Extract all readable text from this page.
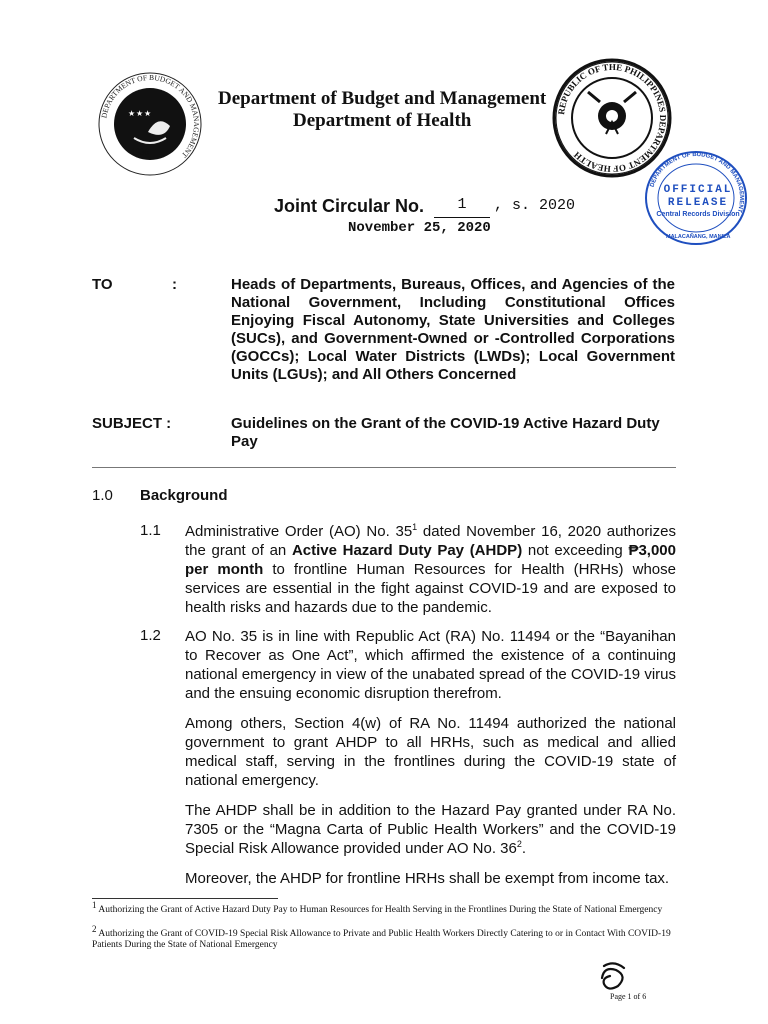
DEPARTMENT OF BUDGET AND MANAGEMENT
★ ★ ★
1936
Department of Budget and Management
Department of Health	REPUBLIC OF THE PHILIPPINES DEPARTMENT OF HEALTH
DEPARTMENT OF BUDGET AND MANAGEMENT
MALACAÑANG, MANILA
OFFICIAL
RELEASE
Central Records Division
Joint Circular No.	1	, s. 2020
November 25, 2020
TO	:	Heads of Departments, Bureaus, Offices, and Agencies of the National Government, Including Constitutional Offices Enjoying Fiscal Autonomy, State Universities and Colleges (SUCs), and Government-Owned or -Controlled Corporations (GOCCs); Local Water Districts (LWDs); Local Government Units (LGUs); and All Others Concerned
SUBJECT :	Guidelines on the Grant of the COVID-19 Active Hazard Duty Pay
1.0 Background
1.1 Administrative Order (AO) No. $35^1$ dated November 16, 2020 authorizes the grant of an Active Hazard Duty Pay (AHDP) not exceeding ₱3,000 per month to frontline Human Resources for Health (HRHs) whose services are essential in the fight against COVID-19 and are exposed to health risks and hazards due to the pandemic.
1.2 AO No. 35 is in line with Republic Act (RA) No. 11494 or the “Bayanihan to Recover as One Act”, which affirmed the existence of a continuing national emergency in view of the unabated spread of the COVID-19 virus and the ensuing economic disruption therefrom.
Among others, Section 4(w) of RA No. 11494 authorized the national government to grant AHDP to all HRHs, such as medical and allied medical staff, serving in the frontlines during the COVID-19 state of national emergency.
The AHDP shall be in addition to the Hazard Pay granted under RA No. 7305 or the “Magna Carta of Public Health Workers” and the COVID-19 Special Risk Allowance provided under AO No. $36^2$.
Moreover, the AHDP for frontline HRHs shall be exempt from income tax.
$^1$ Authorizing the Grant of Active Hazard Duty Pay to Human Resources for Health Serving in the Frontlines During the State of National Emergency
$^2$ Authorizing the Grant of COVID-19 Special Risk Allowance to Private and Public Health Workers Directly Catering to or in Contact With COVID-19 Patients During the State of National Emergency
Page 1 of 6
